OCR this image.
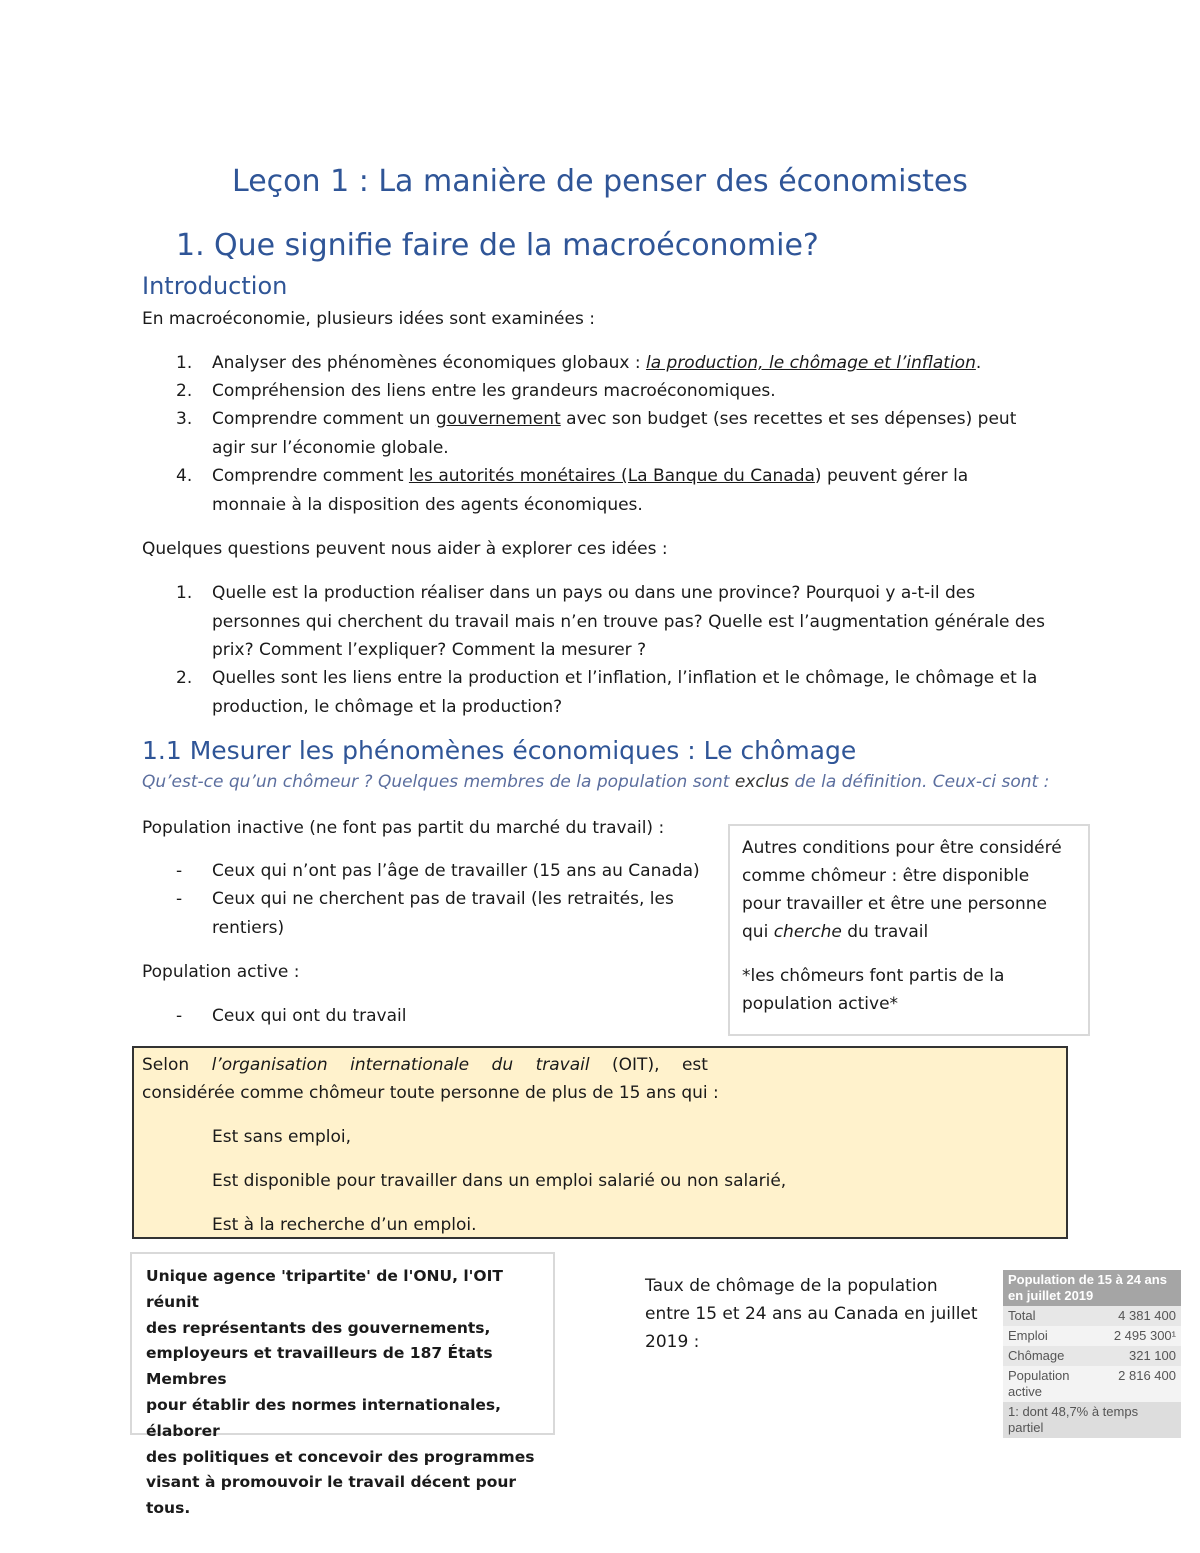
Leçon 1 : La manière de penser des économistes
1. Que signifie faire de la macroéconomie?
Introduction
En macroéconomie, plusieurs idées sont examinées :
1. Analyser des phénomènes économiques globaux : la production, le chômage et l’inflation.
2. Compréhension des liens entre les grandeurs macroéconomiques.
3. Comprendre comment un gouvernement avec son budget (ses recettes et ses dépenses) peut
agir sur l’économie globale.
4. Comprendre comment les autorités monétaires (La Banque du Canada) peuvent gérer la
monnaie à la disposition des agents économiques.
Quelques questions peuvent nous aider à explorer ces idées :
1. Quelle est la production réaliser dans un pays ou dans une province? Pourquoi y a-t-il des
personnes qui cherchent du travail mais n’en trouve pas? Quelle est l’augmentation générale des
prix? Comment l’expliquer? Comment la mesurer ?
2. Quelles sont les liens entre la production et l’inflation, l’inflation et le chômage, le chômage et la
production, le chômage et la production?
1.1 Mesurer les phénomènes économiques : Le chômage
Qu’est-ce qu’un chômeur ? Quelques membres de la population sont exclus de la définition. Ceux-ci sont :
Population inactive (ne font pas partit du marché du travail) :
- Ceux qui n’ont pas l’âge de travailler (15 ans au Canada)
- Ceux qui ne cherchent pas de travail (les retraités, les
rentiers)
Population active :
- Ceux qui ont du travail
Autres conditions pour être considéré
comme chômeur : être disponible
pour travailler et être une personne
qui cherche du travail
*les chômeurs font partis de la
population active*
Selon l’organisation internationale du travail (OIT), est
considérée comme chômeur toute personne de plus de 15 ans qui :
Est sans emploi,
Est disponible pour travailler dans un emploi salarié ou non salarié,
Est à la recherche d’un emploi.
Unique agence 'tripartite' de l'ONU, l'OIT réunit
des représentants des gouvernements,
employeurs et travailleurs de 187 États Membres
pour établir des normes internationales, élaborer
des politiques et concevoir des programmes
visant à promouvoir le travail décent pour tous.
Taux de chômage de la population
entre 15 et 24 ans au Canada en juillet
2019 :
Population de 15 à 24 ans
en juillet 2019	

Total	4 381 400
Emploi	2 495 300¹
Chômage	321 100
Population active	2 816 400
1: dont 48,7% à temps partiel	
